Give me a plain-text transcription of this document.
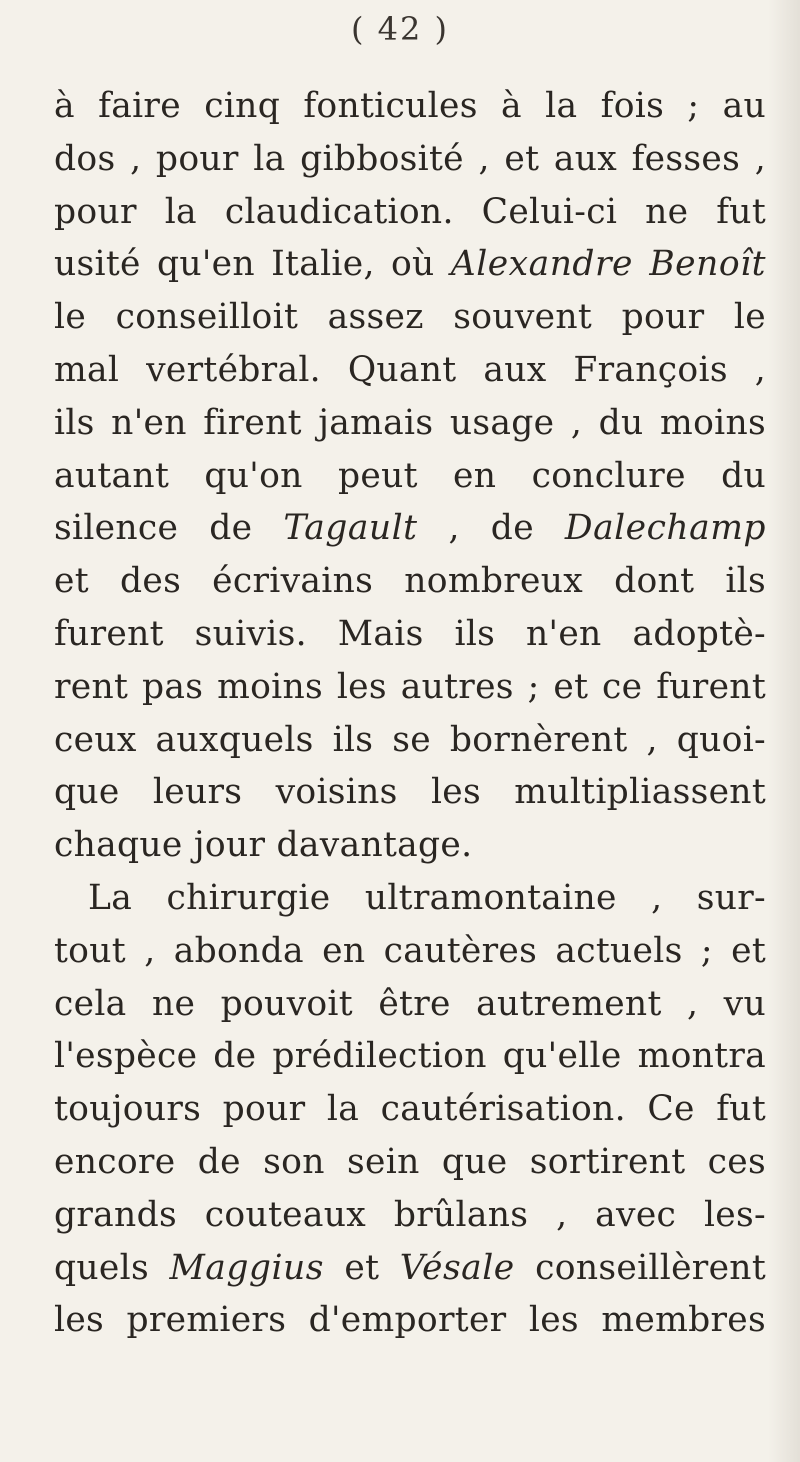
( 42 )
à faire cinq fonticules à la fois ; au
dos , pour la gibbosité , et aux fesses ,
pour la claudication. Celui-ci ne fut
usité qu'en Italie, où Alexandre Benoît
le conseilloit assez souvent pour le
mal vertébral. Quant aux François ,
ils n'en firent jamais usage , du moins
autant qu'on peut en conclure du
silence de Tagault , de Dalechamp
et des écrivains nombreux dont ils
furent suivis. Mais ils n'en adoptè-
rent pas moins les autres ; et ce furent
ceux auxquels ils se bornèrent , quoi-
que leurs voisins les multipliassent
chaque jour davantage.
La chirurgie ultramontaine , sur-
tout , abonda en cautères actuels ; et
cela ne pouvoit être autrement , vu
l'espèce de prédilection qu'elle montra
toujours pour la cautérisation. Ce fut
encore de son sein que sortirent ces
grands couteaux brûlans , avec les-
quels Maggius et Vésale conseillèrent
les premiers d'emporter les membres
